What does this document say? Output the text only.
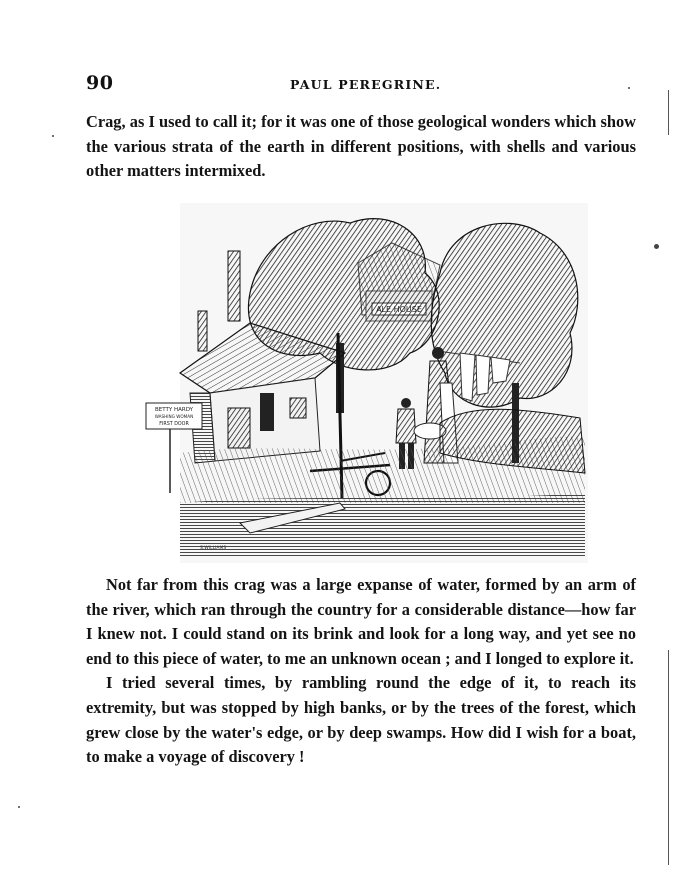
90	PAUL PEREGRINE.

Crag, as I used to call it; for it was one of those geological wonders which show the various strata of the earth in different positions, with shells and various other matters intermixed.

BETTY HARDY
WASHING WOMAN
FIRST DOOR
S.WILLIAMS

Not far from this crag was a large expanse of water, formed by an arm of the river, which ran through the country for a considerable distance—how far I knew not. I could stand on its brink and look for a long way, and yet see no end to this piece of water, to me an unknown ocean ; and I longed to explore it.

I tried several times, by rambling round the edge of it, to reach its extremity, but was stopped by high banks, or by the trees of the forest, which grew close by the water's edge, or by deep swamps. How did I wish for a boat, to make a voyage of discovery !
